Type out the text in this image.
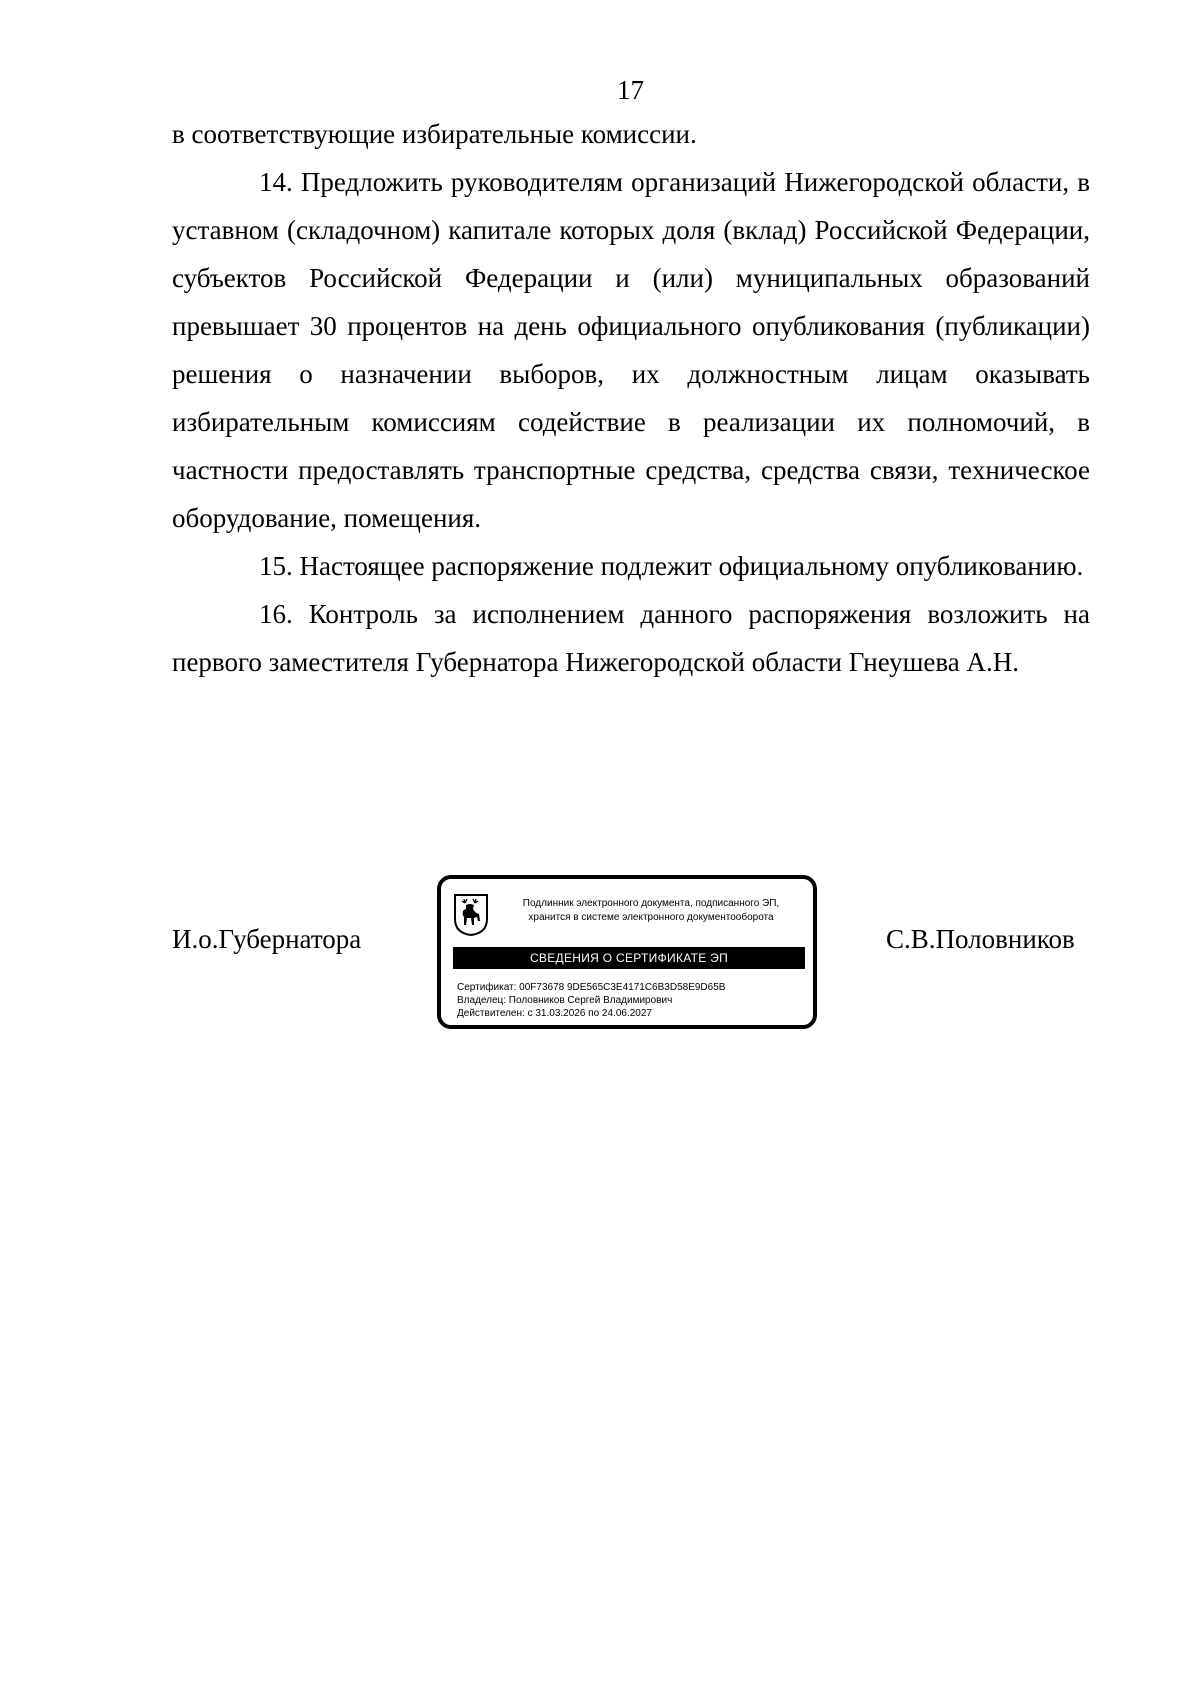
17

в соответствующие избирательные комиссии.

14. Предложить руководителям организаций Нижегородской области, в уставном (складочном) капитале которых доля (вклад) Российской Федерации, субъектов Российской Федерации и (или) муниципальных образований превышает 30 процентов на день официального опубликования (публикации) решения о назначении выборов, их должностным лицам оказывать избирательным комиссиям содействие в реализации их полномочий, в частности предоставлять транспортные средства, средства связи, техническое оборудование, помещения.

15. Настоящее распоряжение подлежит официальному опубликованию.

16. Контроль за исполнением данного распоряжения возложить на первого заместителя Губернатора Нижегородской области Гнеушева А.Н.

И.о.Губернатора
Подлинник электронного документа, подписанного ЭП,
хранится в системе электронного документооборота
СВЕДЕНИЯ О СЕРТИФИКАТЕ ЭП
Сертификат: 00F73678 9DE565C3E4171C6B3D58E9D65B
Владелец: Половников Сергей Владимирович
Действителен: с 31.03.2026 по 24.06.2027
С.В.Половников
